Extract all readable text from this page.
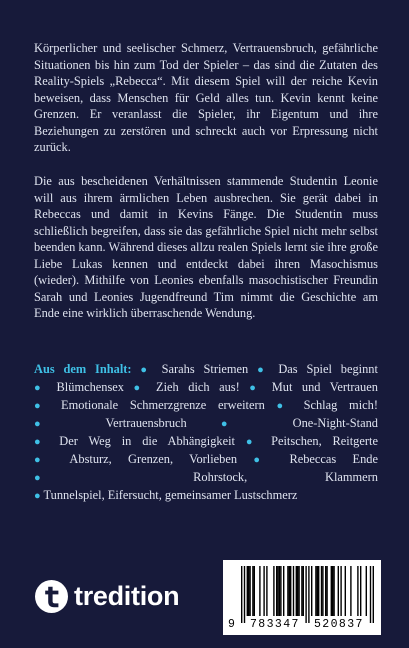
Körperlicher und seelischer Schmerz, Vertrauensbruch, gefährliche Situationen bis hin zum Tod der Spieler – das sind die Zutaten des Reality-Spiels „Rebecca“. Mit diesem Spiel will der reiche Kevin beweisen, dass Menschen für Geld alles tun. Kevin kennt keine Grenzen. Er veranlasst die Spieler, ihr Eigentum und ihre Beziehungen zu zerstören und schreckt auch vor Erpressung nicht zurück.

Die aus bescheidenen Verhältnissen stammende Studentin Leonie will aus ihrem ärmlichen Leben ausbrechen. Sie gerät dabei in Rebeccas und damit in Kevins Fänge. Die Studentin muss schließlich begreifen, dass sie das gefährliche Spiel nicht mehr selbst beenden kann. Während dieses allzu realen Spiels lernt sie ihre große Liebe Lukas kennen und entdeckt dabei ihren Masochismus (wieder). Mithilfe von Leonies ebenfalls masochistischer Freundin Sarah und Leonies Jugendfreund Tim nimmt die Geschichte am Ende eine wirklich überraschende Wendung.

Aus dem Inhalt: ● Sarahs Striemen ● Das Spiel beginnt ● Blümchensex ● Zieh dich aus! ● Mut und Vertrauen ● Emotionale Schmerzgrenze erweitern ● Schlag mich! ●	Vertrauensbruch	●	One-Night-Stand ● Der Weg in die Abhängigkeit ● Peitschen, Reitgerte ● Absturz, Grenzen, Vorlieben ● Rebeccas Ende ●	Rohrstock, Klammern ● Tunnelspiel, Eifersucht, gemeinsamer Lustschmerz

tredition
9 783347 520837
